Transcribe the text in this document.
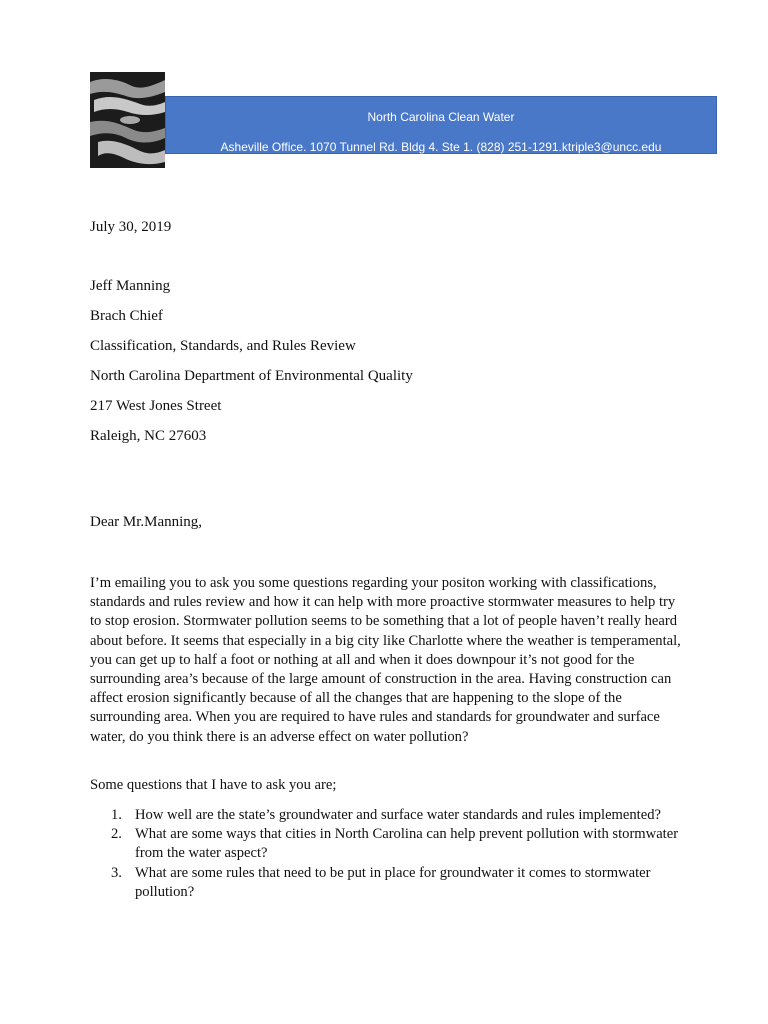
North Carolina Clean Water
Asheville Office. 1070 Tunnel Rd. Bldg 4. Ste 1. (828) 251-1291.ktriple3@uncc.edu
July 30, 2019
Jeff Manning
Brach Chief
Classification, Standards, and Rules Review
North Carolina Department of Environmental Quality
217 West Jones Street
Raleigh, NC 27603
Dear Mr.Manning,

I’m emailing you to ask you some questions regarding your positon working with classifications, standards and rules review and how it can help with more proactive stormwater measures to help try to stop erosion. Stormwater pollution seems to be something that a lot of people haven’t really heard about before. It seems that especially in a big city like Charlotte where the weather is temperamental, you can get up to half a foot or nothing at all and when it does downpour it’s not good for the surrounding area’s because of the large amount of construction in the area. Having construction can affect erosion significantly because of all the changes that are happening to the slope of the surrounding area. When you are required to have rules and standards for groundwater and surface water, do you think there is an adverse effect on water pollution?

Some questions that I have to ask you are;
1. How well are the state’s groundwater and surface water standards and rules implemented?
2. What are some ways that cities in North Carolina can help prevent pollution with stormwater from the water aspect?
3. What are some rules that need to be put in place for groundwater it comes to stormwater pollution?
